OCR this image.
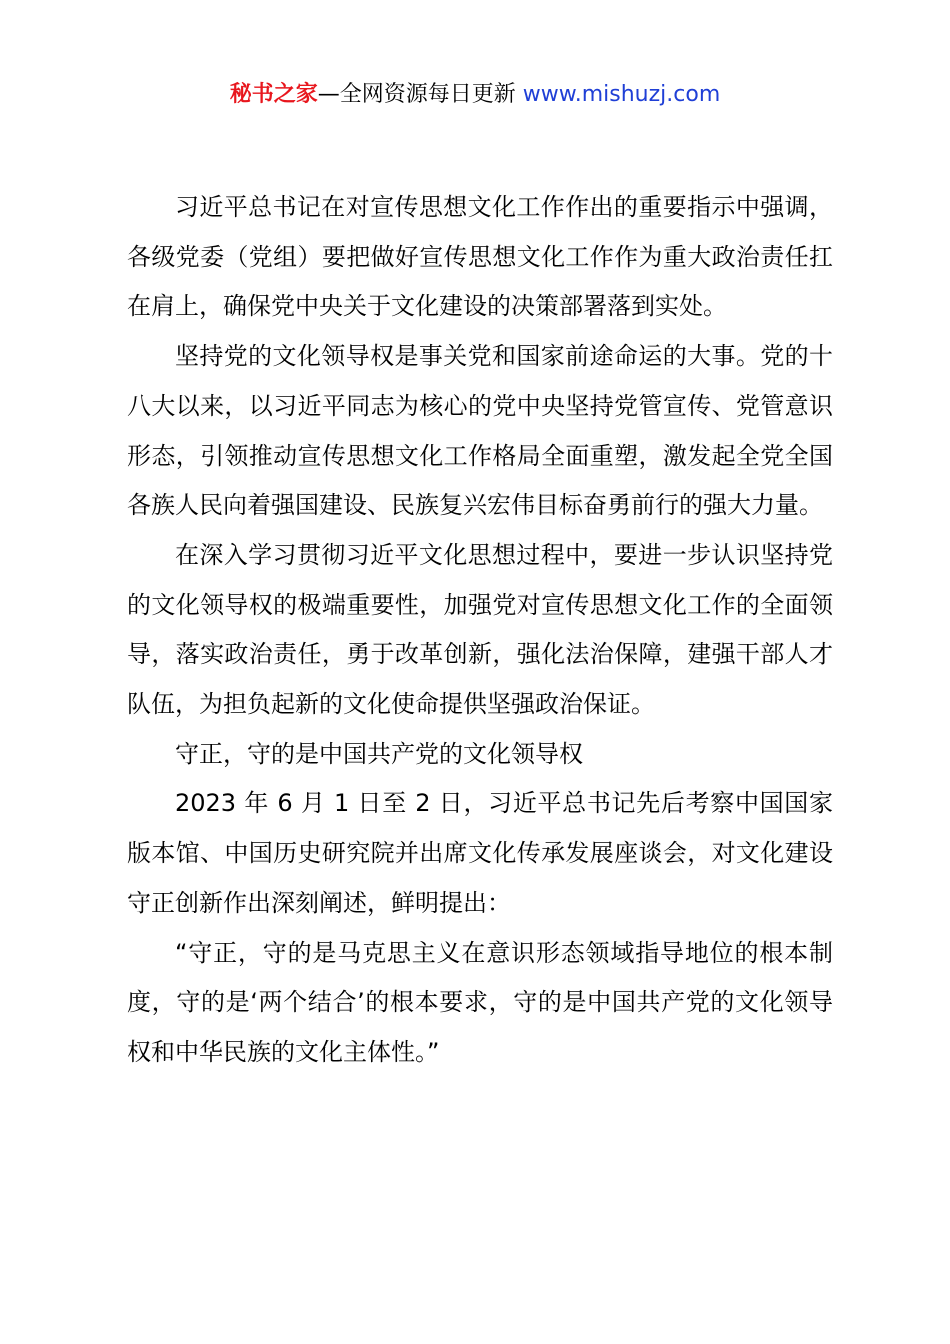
秘书之家—全网资源每日更新 www.mishuzj.com

习近平总书记在对宣传思想文化工作作出的重要指示中强调，各级党委（党组）要把做好宣传思想文化工作作为重大政治责任扛在肩上，确保党中央关于文化建设的决策部署落到实处。

坚持党的文化领导权是事关党和国家前途命运的大事。党的十八大以来，以习近平同志为核心的党中央坚持党管宣传、党管意识形态，引领推动宣传思想文化工作格局全面重塑，激发起全党全国各族人民向着强国建设、民族复兴宏伟目标奋勇前行的强大力量。

在深入学习贯彻习近平文化思想过程中，要进一步认识坚持党的文化领导权的极端重要性，加强党对宣传思想文化工作的全面领导，落实政治责任，勇于改革创新，强化法治保障，建强干部人才队伍，为担负起新的文化使命提供坚强政治保证。

守正，守的是中国共产党的文化领导权

2023 年 6 月 1 日至 2 日，习近平总书记先后考察中国国家版本馆、中国历史研究院并出席文化传承发展座谈会，对文化建设守正创新作出深刻阐述，鲜明提出：

“守正，守的是马克思主义在意识形态领域指导地位的根本制度，守的是‘两个结合’的根本要求，守的是中国共产党的文化领导权和中华民族的文化主体性。”
